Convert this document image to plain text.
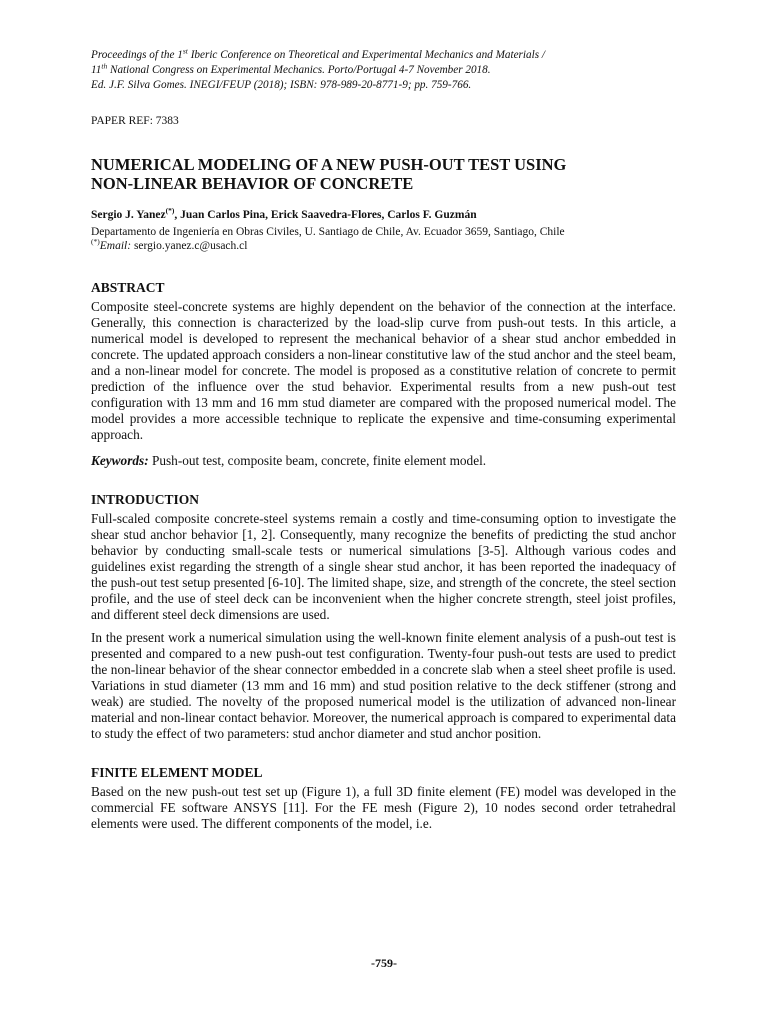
Proceedings of the 1st Iberic Conference on Theoretical and Experimental Mechanics and Materials /
11th National Congress on Experimental Mechanics. Porto/Portugal 4-7 November 2018.
Ed. J.F. Silva Gomes. INEGI/FEUP (2018); ISBN: 978-989-20-8771-9; pp. 759-766.

PAPER REF: 7383

NUMERICAL MODELING OF A NEW PUSH-OUT TEST USING
NON-LINEAR BEHAVIOR OF CONCRETE

Sergio J. Yanez(*), Juan Carlos Pina, Erick Saavedra-Flores, Carlos F. Guzmán

Departamento de Ingeniería en Obras Civiles, U. Santiago de Chile, Av. Ecuador 3659, Santiago, Chile
(*)Email: sergio.yanez.c@usach.cl

ABSTRACT

Composite steel-concrete systems are highly dependent on the behavior of the connection at the interface. Generally, this connection is characterized by the load-slip curve from push-out tests. In this article, a numerical model is developed to represent the mechanical behavior of a shear stud anchor embedded in concrete. The updated approach considers a non-linear constitutive law of the stud anchor and the steel beam, and a non-linear model for concrete. The model is proposed as a constitutive relation of concrete to permit prediction of the influence over the stud behavior. Experimental results from a new push-out test configuration with 13 mm and 16 mm stud diameter are compared with the proposed numerical model. The model provides a more accessible technique to replicate the expensive and time-consuming experimental approach.

Keywords: Push-out test, composite beam, concrete, finite element model.

INTRODUCTION

Full-scaled composite concrete-steel systems remain a costly and time-consuming option to investigate the shear stud anchor behavior [1, 2]. Consequently, many recognize the benefits of predicting the stud anchor behavior by conducting small-scale tests or numerical simulations [3-5]. Although various codes and guidelines exist regarding the strength of a single shear stud anchor, it has been reported the inadequacy of the push-out test setup presented [6-10]. The limited shape, size, and strength of the concrete, the steel section profile, and the use of steel deck can be inconvenient when the higher concrete strength, steel joist profiles, and different steel deck dimensions are used.

In the present work a numerical simulation using the well-known finite element analysis of a push-out test is presented and compared to a new push-out test configuration. Twenty-four push-out tests are used to predict the non-linear behavior of the shear connector embedded in a concrete slab when a steel sheet profile is used. Variations in stud diameter (13 mm and 16 mm) and stud position relative to the deck stiffener (strong and weak) are studied. The novelty of the proposed numerical model is the utilization of advanced non-linear material and non-linear contact behavior. Moreover, the numerical approach is compared to experimental data to study the effect of two parameters: stud anchor diameter and stud anchor position.

FINITE ELEMENT MODEL

Based on the new push-out test set up (Figure 1), a full 3D finite element (FE) model was developed in the commercial FE software ANSYS [11]. For the FE mesh (Figure 2), 10 nodes second order tetrahedral elements were used. The different components of the model, i.e.

-759-
